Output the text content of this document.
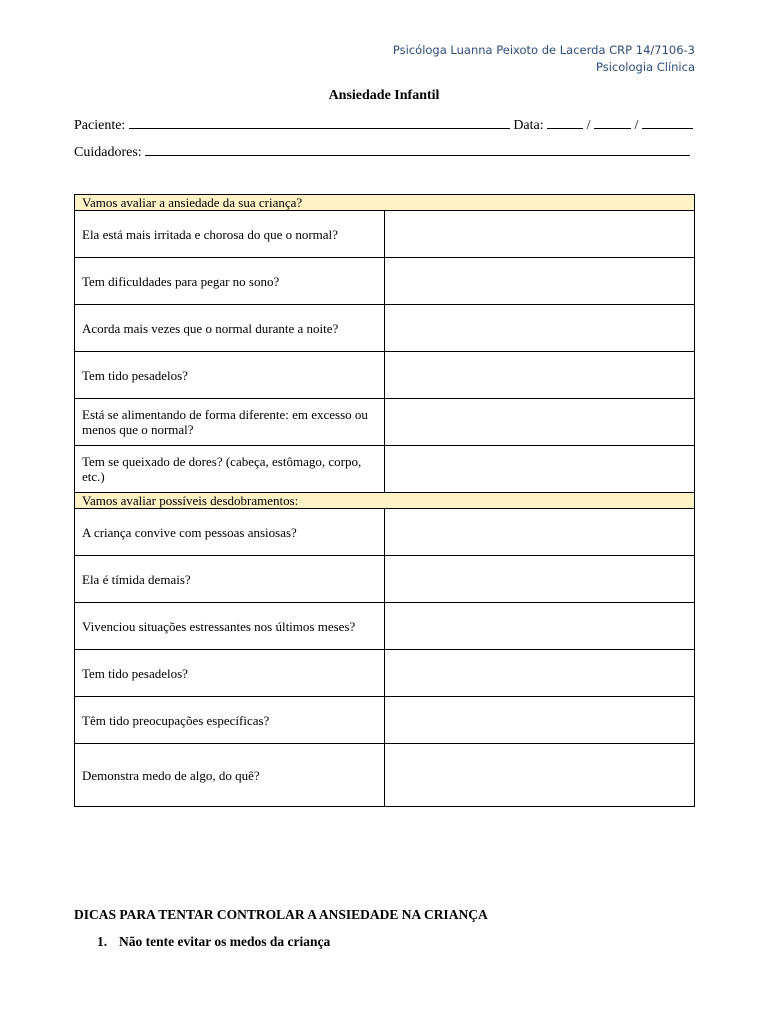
Psicóloga Luanna Peixoto de Lacerda CRP 14/7106-3
Psicologia Clínica
Ansiedade Infantil
Paciente:	Data:	/	/
Cuidadores:
Vamos avaliar a ansiedade da sua criança?	
Ela está mais irritada e chorosa do que o normal?	
Tem dificuldades para pegar no sono?	
Acorda mais vezes que o normal durante a noite?	
Tem tido pesadelos?	
Está se alimentando de forma diferente: em excesso ou menos que o normal?	
Tem se queixado de dores? (cabeça, estômago, corpo, etc.)	
Vamos avaliar possíveis desdobramentos:	
A criança convive com pessoas ansiosas?	
Ela é tímida demais?	
Vivenciou situações estressantes nos últimos meses?	
Tem tido pesadelos?	
Têm tido preocupações específicas?	
Demonstra medo de algo, do quê?	
DICAS PARA TENTAR CONTROLAR A ANSIEDADE NA CRIANÇA
1. Não tente evitar os medos da criança
